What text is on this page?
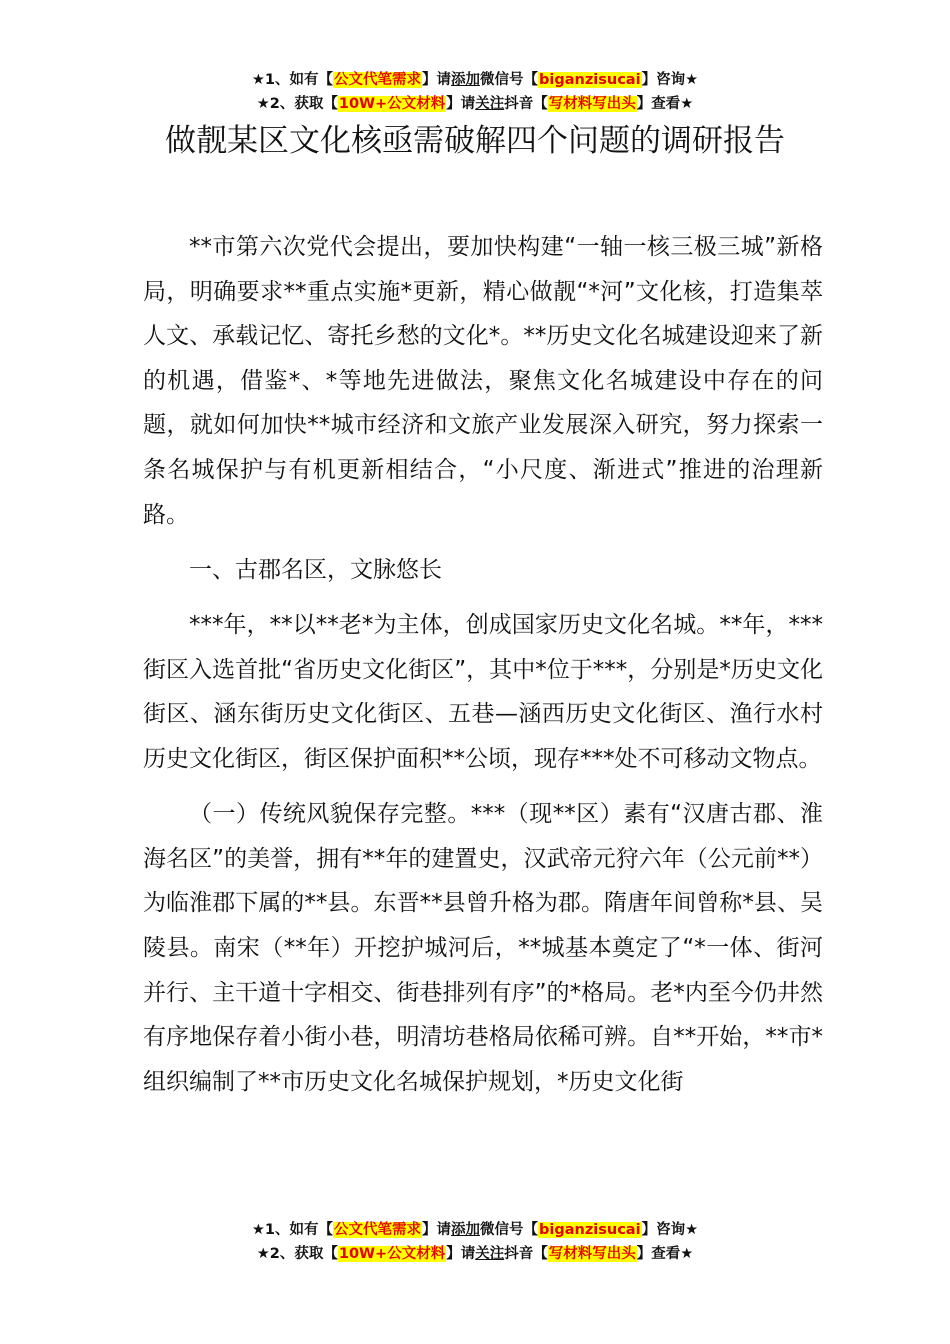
★1、如有【公文代笔需求】请添加微信号【biganzisucai】咨询★
★2、获取【10W+公文材料】请关注抖音【写材料写出头】查看★
做靓某区文化核亟需破解四个问题的调研报告

**市第六次党代会提出，要加快构建“一轴一核三极三城”新格局，明确要求**重点实施*更新，精心做靓“*河”文化核，打造集萃人文、承载记忆、寄托乡愁的文化*。**历史文化名城建设迎来了新的机遇，借鉴*、*等地先进做法，聚焦文化名城建设中存在的问题，就如何加快**城市经济和文旅产业发展深入研究，努力探索一条名城保护与有机更新相结合，“小尺度、渐进式”推进的治理新路。

一、古郡名区，文脉悠长

***年，**以**老*为主体，创成国家历史文化名城。**年，***街区入选首批“省历史文化街区”，其中*位于***，分别是*历史文化街区、涵东街历史文化街区、五巷—涵西历史文化街区、渔行水村历史文化街区，街区保护面积**公顷，现存***处不可移动文物点。

（一）传统风貌保存完整。***（现**区）素有“汉唐古郡、淮海名区”的美誉，拥有**年的建置史，汉武帝元狩六年（公元前**）为临淮郡下属的**县。东晋**县曾升格为郡。隋唐年间曾称*县、吴陵县。南宋（**年）开挖护城河后，**城基本奠定了“*一体、街河并行、主干道十字相交、街巷排列有序”的*格局。老*内至今仍井然有序地保存着小街小巷，明清坊巷格局依稀可辨。自**开始，**市*组织编制了**市历史文化名城保护规划，*历史文化街

★1、如有【公文代笔需求】请添加微信号【biganzisucai】咨询★
★2、获取【10W+公文材料】请关注抖音【写材料写出头】查看★
